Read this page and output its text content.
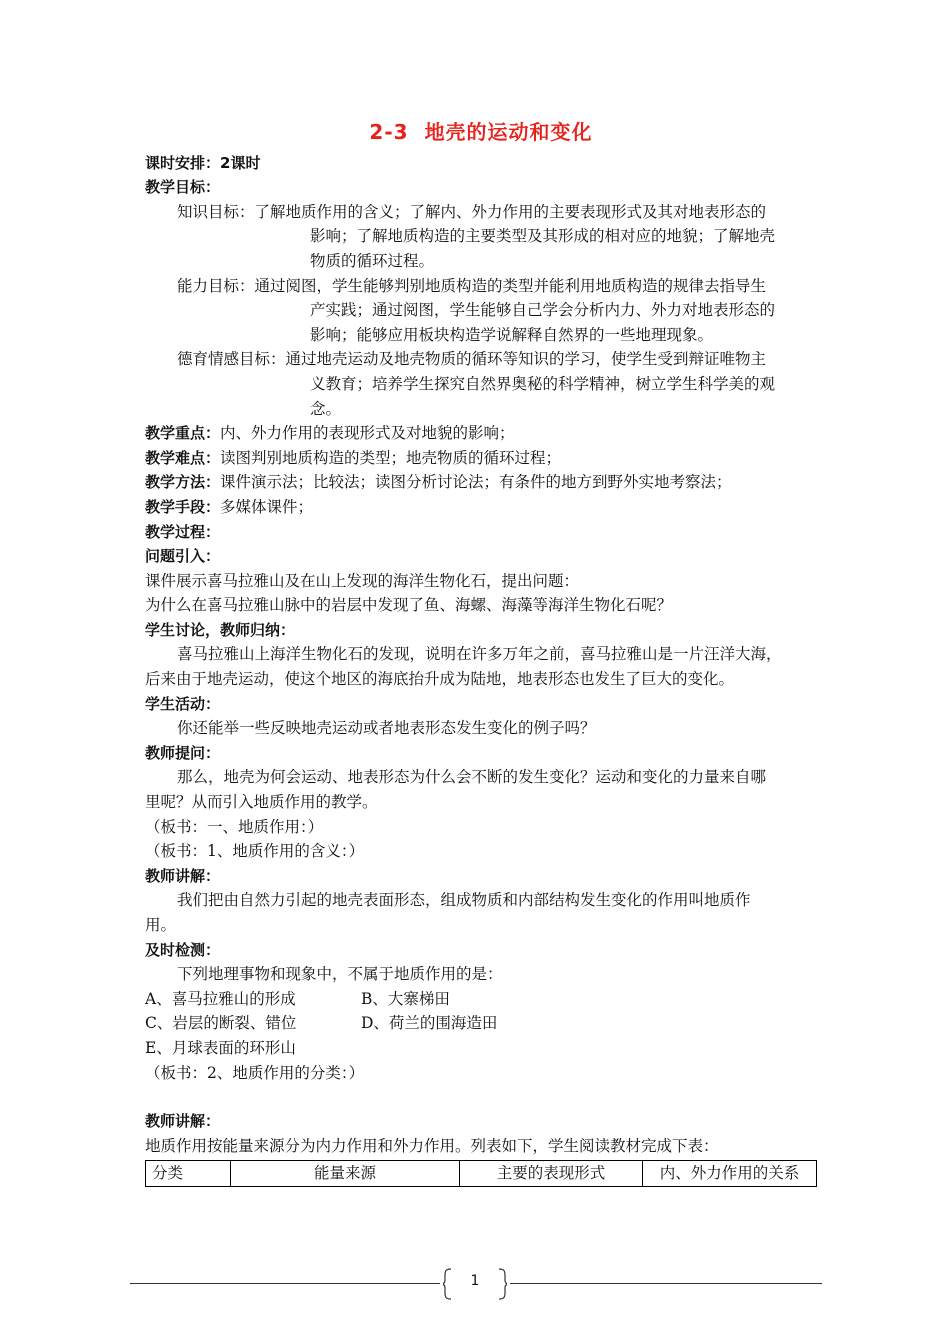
2-3 地壳的运动和变化
课时安排：2课时
教学目标：
知识目标：了解地质作用的含义；了解内、外力作用的主要表现形式及其对地表形态的
影响；了解地质构造的主要类型及其形成的相对应的地貌；了解地壳
物质的循环过程。
能力目标：通过阅图，学生能够判别地质构造的类型并能利用地质构造的规律去指导生
产实践；通过阅图，学生能够自己学会分析内力、外力对地表形态的
影响；能够应用板块构造学说解释自然界的一些地理现象。
德育情感目标：通过地壳运动及地壳物质的循环等知识的学习，使学生受到辩证唯物主
义教育；培养学生探究自然界奥秘的科学精神，树立学生科学美的观
念。
教学重点：内、外力作用的表现形式及对地貌的影响；
教学难点：读图判别地质构造的类型；地壳物质的循环过程；
教学方法：课件演示法；比较法；读图分析讨论法；有条件的地方到野外实地考察法；
教学手段：多媒体课件；
教学过程：
问题引入：
课件展示喜马拉雅山及在山上发现的海洋生物化石，提出问题：
为什么在喜马拉雅山脉中的岩层中发现了鱼、海螺、海藻等海洋生物化石呢？
学生讨论，教师归纳：
喜马拉雅山上海洋生物化石的发现，说明在许多万年之前，喜马拉雅山是一片汪洋大海，
后来由于地壳运动，使这个地区的海底抬升成为陆地，地表形态也发生了巨大的变化。
学生活动：
你还能举一些反映地壳运动或者地表形态发生变化的例子吗？
教师提问：
那么，地壳为何会运动、地表形态为什么会不断的发生变化？运动和变化的力量来自哪
里呢？从而引入地质作用的教学。
（板书：一、地质作用：）
（板书：1、地质作用的含义：）
教师讲解：
我们把由自然力引起的地壳表面形态，组成物质和内部结构发生变化的作用叫地质作
用。
及时检测：
下列地理事物和现象中，不属于地质作用的是：
A、喜马拉雅山的形成	B、大寨梯田
C、岩层的断裂、错位	D、荷兰的围海造田
E、月球表面的环形山
（板书：2、地质作用的分类：）
教师讲解：
地质作用按能量来源分为内力作用和外力作用。列表如下，学生阅读教材完成下表：
分类	能量来源	主要的表现形式	内、外力作用的关系
1
